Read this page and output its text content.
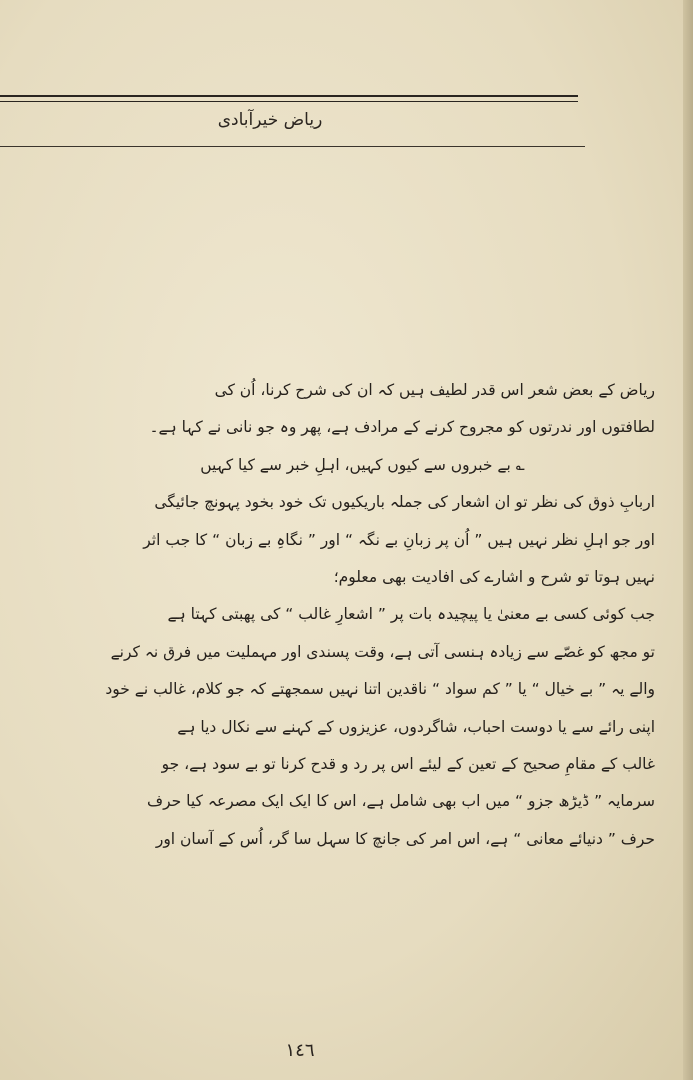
ریاض خیرآبادی
ریاض کے بعض شعر اس قدر لطیف ہیں کہ ان کی شرح کرنا، اُن کی
لطافتوں اور ندرتوں کو مجروح کرنے کے مرادف ہے، پھر وہ جو نانی نے کہا ہے۔
؎ بے خبروں سے کیوں کہیں، اہلِ خبر سے کیا کہیں
اربابِ ذوق کی نظر تو ان اشعار کی جملہ باریکیوں تک خود بخود پہونچ جائیگی
اور جو اہلِ نظر نہیں ہیں ” اُن پر زبانِ بے نگہ “ اور ” نگاہِ بے زبان “ کا جب اثر
نہیں ہوتا تو شرح و اشارے کی افادیت بھی معلوم؛
جب کوئی کسی بے معنیٰ یا پیچیدہ بات پر ” اشعارِ غالب “ کی پھبتی کہتا ہے
تو مجھ کو غصّے سے زیادہ ہنسی آتی ہے، وقت پسندی اور مہملیت میں فرق نہ کرنے
والے یہ ” بے خیال “ یا ” کم سواد “ ناقدین اتنا نہیں سمجھتے کہ جو کلام، غالب نے خود
اپنی رائے سے یا دوست احباب، شاگردوں، عزیزوں کے کہنے سے نکال دیا ہے
غالب کے مقامِ صحیح کے تعین کے لیئے اس پر رد و قدح کرنا تو بے سود ہے، جو
سرمایہ ” ڈیڑھ جزو “ میں اب بھی شامل ہے، اس کا ایک ایک مصرعہ کیا حرف
حرف ” دنیائے معانی “ ہے، اس امر کی جانچ کا سہل سا گر، اُس کے آسان اور
١٤٦
